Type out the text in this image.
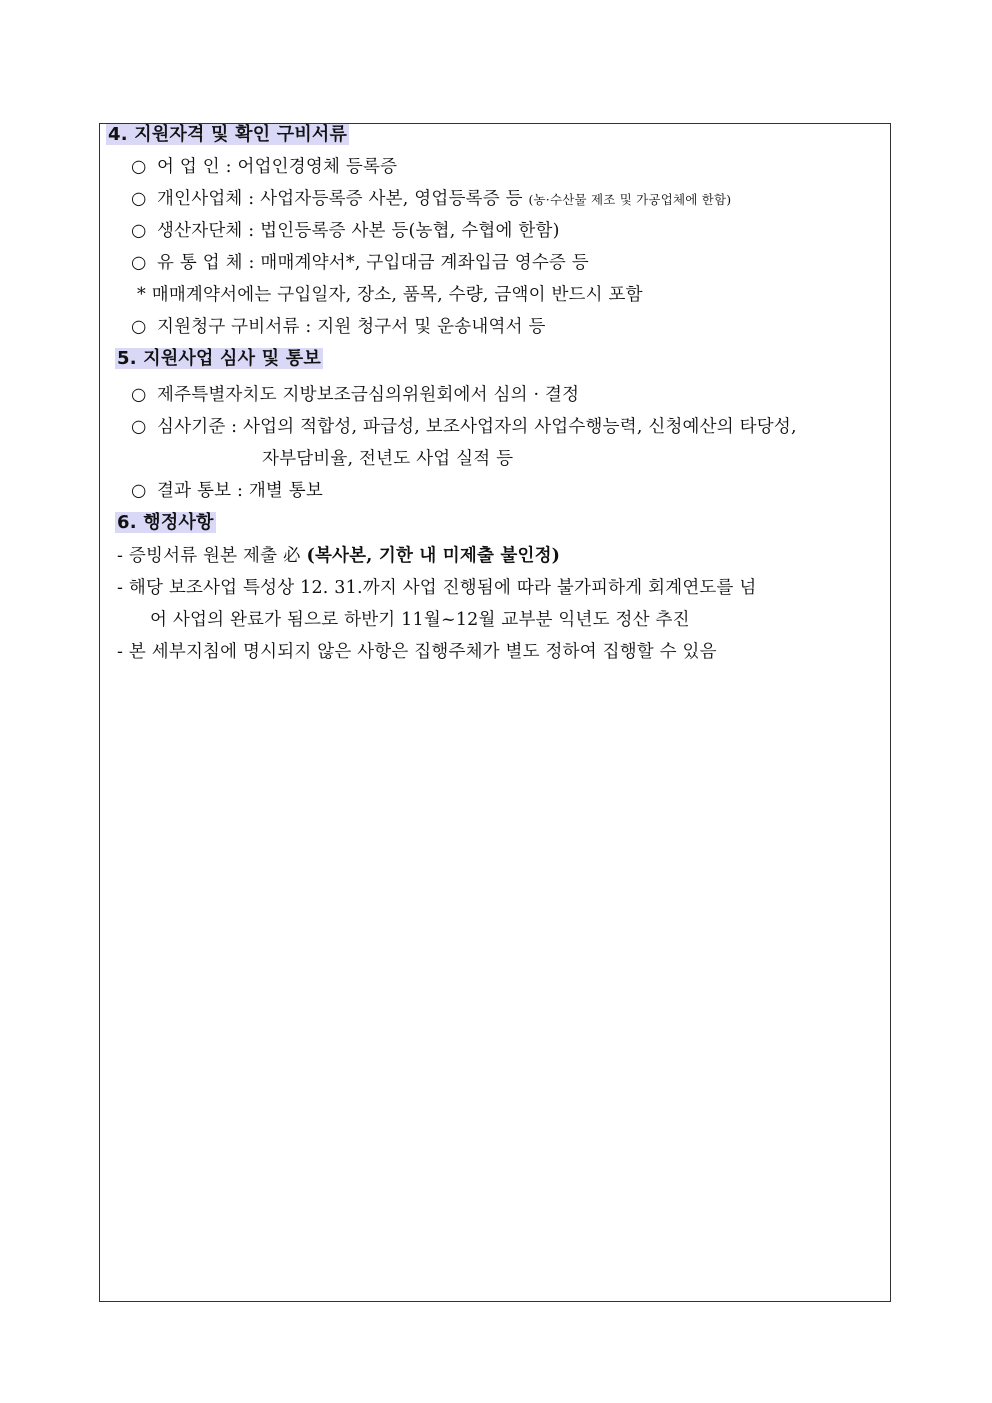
4. 지원자격 및 확인 구비서류
○ 어 업 인 : 어업인경영체 등록증
○ 개인사업체 : 사업자등록증 사본, 영업등록증 등 (농·수산물 제조 및 가공업체에 한함)
○ 생산자단체 : 법인등록증 사본 등(농협, 수협에 한함)
○ 유 통 업 체 : 매매계약서*, 구입대금 계좌입금 영수증 등
* 매매계약서에는 구입일자, 장소, 품목, 수량, 금액이 반드시 포함
○ 지원청구 구비서류 : 지원 청구서 및 운송내역서 등
5. 지원사업 심사 및 통보
○ 제주특별자치도 지방보조금심의위원회에서 심의 · 결정
○ 심사기준 : 사업의 적합성, 파급성, 보조사업자의 사업수행능력, 신청예산의 타당성,
자부담비율, 전년도 사업 실적 등
○ 결과 통보 : 개별 통보
6. 행정사항
- 증빙서류 원본 제출 必 (복사본, 기한 내 미제출 불인정)
- 해당 보조사업 특성상 12. 31.까지 사업 진행됨에 따라 불가피하게 회계연도를 넘
어 사업의 완료가 됨으로 하반기 11월~12월 교부분 익년도 정산 추진
- 본 세부지침에 명시되지 않은 사항은 집행주체가 별도 정하여 집행할 수 있음
